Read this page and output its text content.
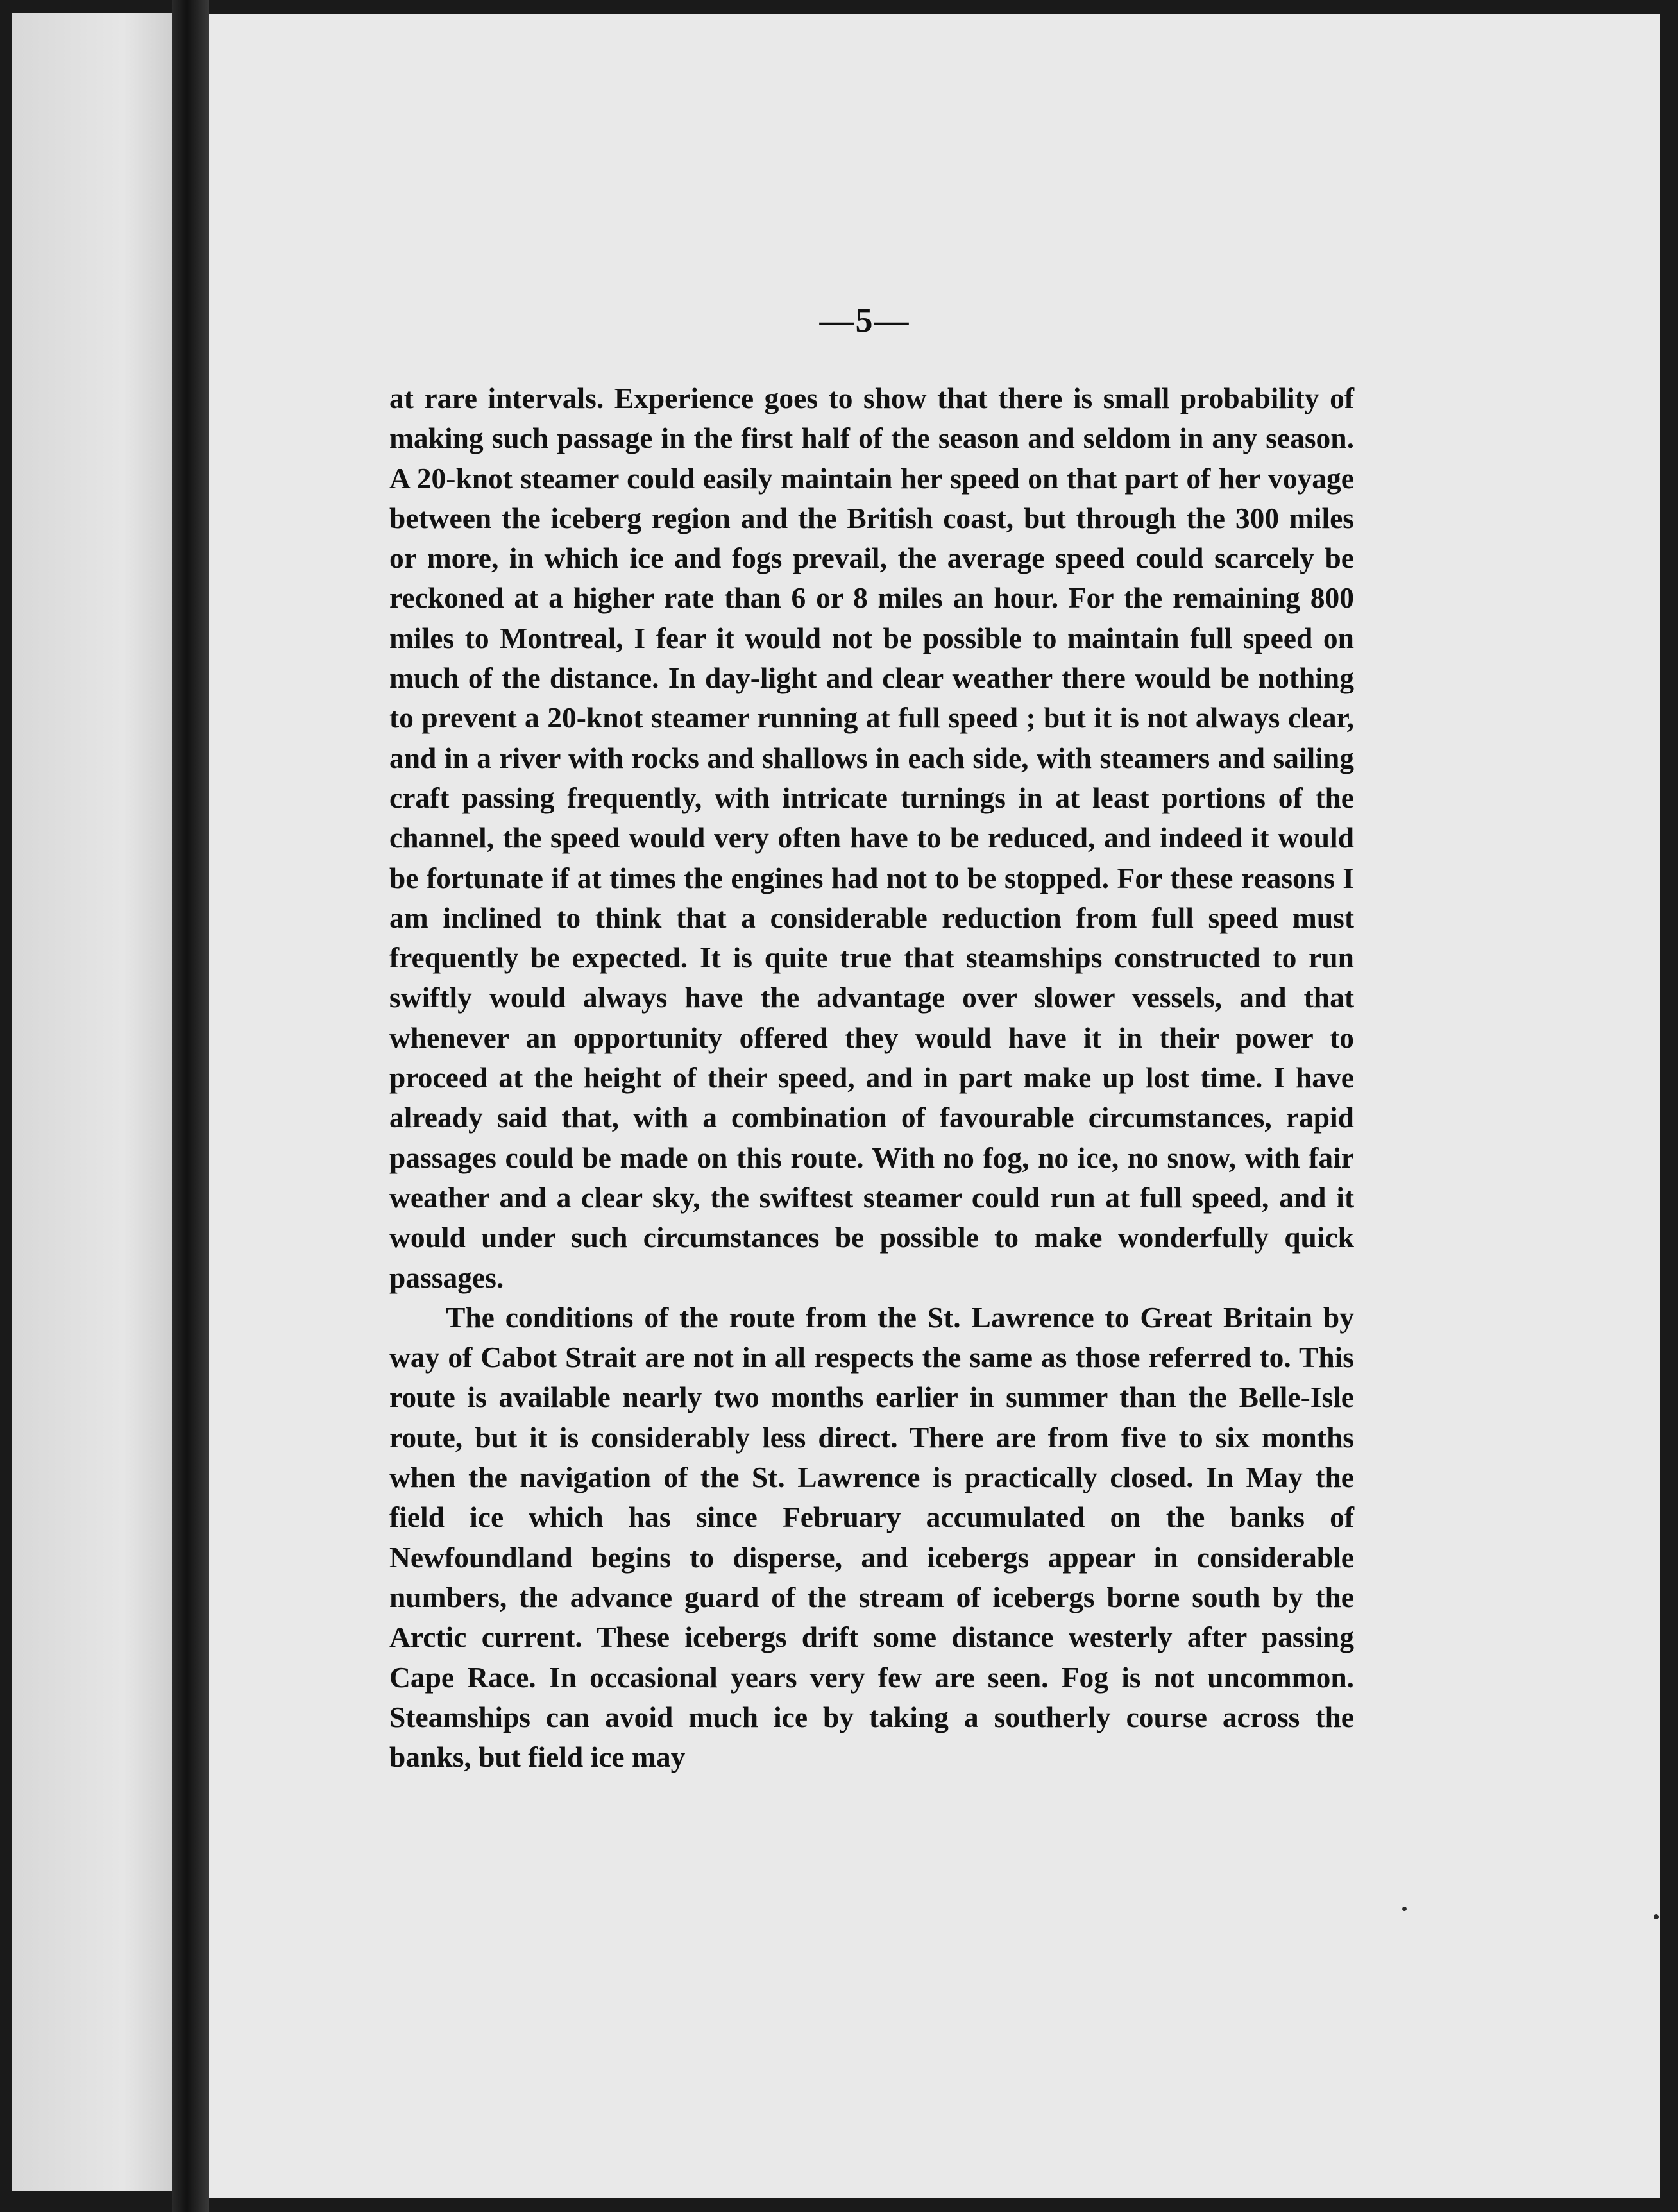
—5—

at rare intervals. Experience goes to show that there is small probability of making such passage in the first half of the season and seldom in any season. A 20-knot steamer could easily maintain her speed on that part of her voyage between the iceberg region and the British coast, but through the 300 miles or more, in which ice and fogs prevail, the average speed could scarcely be reckoned at a higher rate than 6 or 8 miles an hour. For the remaining 800 miles to Montreal, I fear it would not be possible to maintain full speed on much of the distance. In day-light and clear weather there would be nothing to prevent a 20-knot steamer running at full speed ; but it is not always clear, and in a river with rocks and shallows in each side, with steamers and sailing craft passing frequently, with intricate turnings in at least portions of the channel, the speed would very often have to be reduced, and indeed it would be fortunate if at times the engines had not to be stopped. For these reasons I am inclined to think that a considerable reduction from full speed must frequently be expected. It is quite true that steamships constructed to run swiftly would always have the advantage over slower vessels, and that whenever an opportunity offered they would have it in their power to proceed at the height of their speed, and in part make up lost time. I have already said that, with a combination of favourable circumstances, rapid passages could be made on this route. With no fog, no ice, no snow, with fair weather and a clear sky, the swiftest steamer could run at full speed, and it would under such circumstances be possible to make wonderfully quick passages.

The conditions of the route from the St. Lawrence to Great Britain by way of Cabot Strait are not in all respects the same as those referred to. This route is available nearly two months earlier in summer than the Belle-Isle route, but it is considerably less direct. There are from five to six months when the navigation of the St. Lawrence is practically closed. In May the field ice which has since February accumulated on the banks of Newfoundland begins to disperse, and icebergs appear in considerable numbers, the advance guard of the stream of icebergs borne south by the Arctic current. These icebergs drift some distance westerly after passing Cape Race. In occasional years very few are seen. Fog is not uncommon. Steamships can avoid much ice by taking a southerly course across the banks, but field ice may
